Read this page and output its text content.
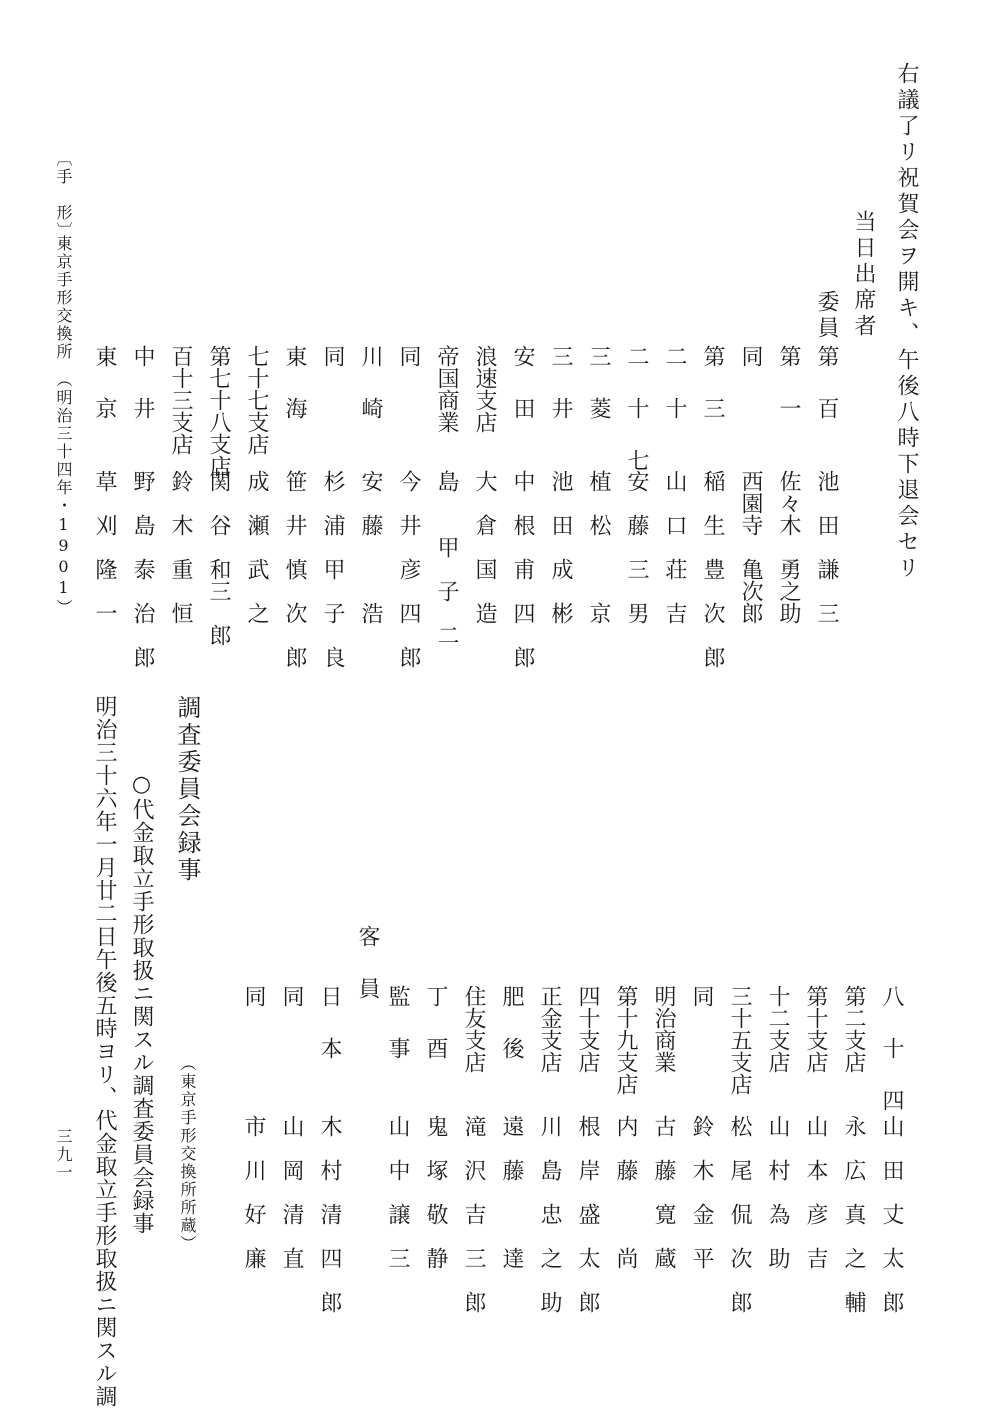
右議了リ祝賀会ヲ開キ、午後八時下退会セリ
当日出席者
委員
第　百
池　田　謙　三
第　一
佐々木　勇之助
同
西園寺　亀次郎
第　三
稲　生　豊　次　郎
二　十
山　口　荘　吉
二　十　七
安　藤　三　男
三　菱
植　松　　　京
三　井
池　田　成　彬
安　田
中　根　甫　四　郎
浪速支店
大　倉　国　造
帝国商業
島　　甲　子　二
同
今　井　彦　四　郎
川　崎
安　藤　　　浩
同
杉　浦　甲　子　良
東　海
笹　井　慎　次　郎
七十七支店
成　瀬　武　之
第七十八支店
関　谷　和三　郎
百十三支店
鈴　木　重　恒
中　井
野　島　泰　治　郎
東　京
草　刈　隆　一
八　十　四
山　田　丈　太　郎
第二支店
永　広　真　之　輔
第十支店
山　本　彦　吉
十二支店
山　村　為　助
三十五支店
松　尾　侃　次　郎
同
鈴　木　金　平
明治商業
古　藤　寛　蔵
第十九支店
内　藤　　　尚
四十支店
根　岸　盛　太　郎
正金支店
川　島　忠　之　助
肥　後
遠　藤　　　達
住友支店
滝　沢　吉　三　郎
丁　酉
鬼　塚　敬　静
監　事
山　中　譲　三
客　員
日　本
木　村　清　四　郎
同
山　岡　清　直
同
市　川　好　廉
調査委員会録事
（東京手形交換所所蔵）
○代金取立手形取扱ニ関スル調査委員会録事
明治三十六年一月廿二日午後五時ヨリ、代金取立手形取扱ニ関スル調
〔手　形〕
東京手形交換所　（明治三十四年・1901）
三九一
